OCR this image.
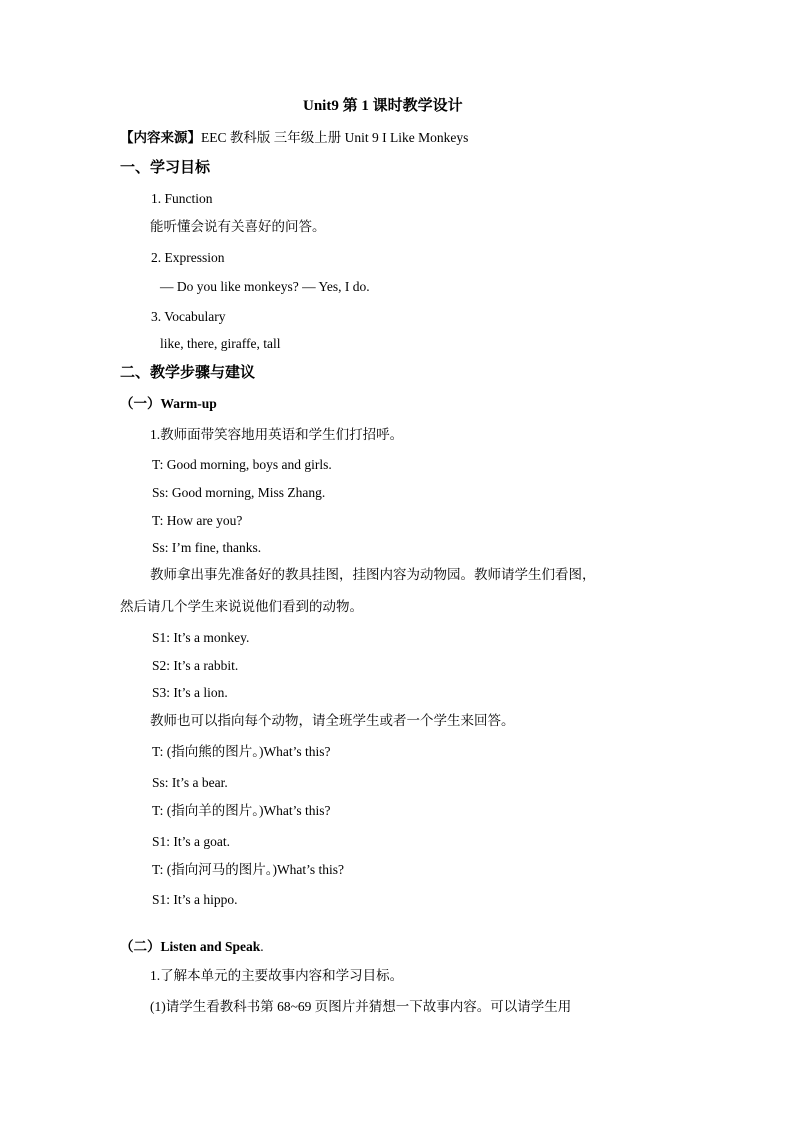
Unit9 第 1 课时教学设计
【内容来源】EEC 教科版 三年级上册 Unit 9 I Like Monkeys
一、学习目标
1. Function
能听懂会说有关喜好的问答。
2. Expression
— Do you like monkeys? — Yes, I do.
3. Vocabulary
like, there, giraffe, tall
二、教学步骤与建议
（一）Warm-up
1.教师面带笑容地用英语和学生们打招呼。
T: Good morning, boys and girls.
Ss: Good morning, Miss Zhang.
T: How are you?
Ss: I’m fine, thanks.
教师拿出事先准备好的教具挂图，挂图内容为动物园。教师请学生们看图，
然后请几个学生来说说他们看到的动物。
S1: It’s a monkey.
S2: It’s a rabbit.
S3: It’s a lion.
教师也可以指向每个动物，请全班学生或者一个学生来回答。
T: (指向熊的图片。)What’s this?
Ss: It’s a bear.
T: (指向羊的图片。)What’s this?
S1: It’s a goat.
T: (指向河马的图片。)What’s this?
S1: It’s a hippo.
（二）Listen and Speak.
1.了解本单元的主要故事内容和学习目标。
(1)请学生看教科书第 68~69 页图片并猜想一下故事内容。可以请学生用
